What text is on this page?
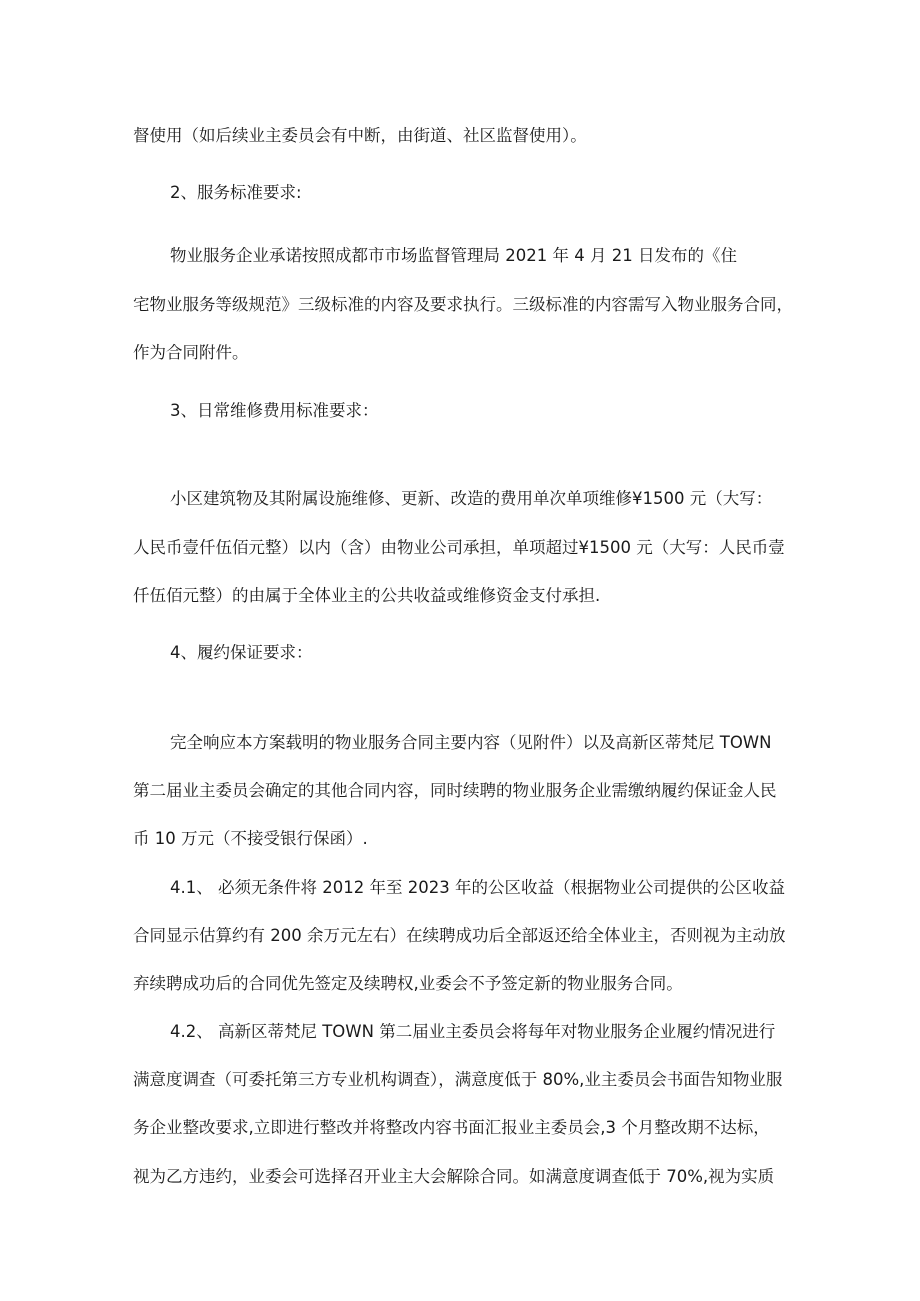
督使用（如后续业主委员会有中断，由街道、社区监督使用）。
2、服务标准要求:
物业服务企业承诺按照成都市市场监督管理局 2021 年 4 月 21 日发布的《住
宅物业服务等级规范》三级标准的内容及要求执行。三级标准的内容需写入物业服务合同，
作为合同附件。
3、日常维修费用标准要求：
小区建筑物及其附属设施维修、更新、改造的费用单次单项维修¥1500 元（大写：
人民币壹仟伍佰元整）以内（含）由物业公司承担，单项超过¥1500 元（大写：人民币壹
仟伍佰元整）的由属于全体业主的公共收益或维修资金支付承担.
4、履约保证要求：
完全响应本方案载明的物业服务合同主要内容（见附件）以及高新区蒂梵尼 TOWN
第二届业主委员会确定的其他合同内容，同时续聘的物业服务企业需缴纳履约保证金人民
币 10 万元（不接受银行保函）.
4.1、 必须无条件将 2012 年至 2023 年的公区收益（根据物业公司提供的公区收益
合同显示估算约有 200 余万元左右）在续聘成功后全部返还给全体业主，否则视为主动放
弃续聘成功后的合同优先签定及续聘权,业委会不予签定新的物业服务合同。
4.2、 高新区蒂梵尼 TOWN 第二届业主委员会将每年对物业服务企业履约情况进行
满意度调查（可委托第三方专业机构调查），满意度低于 80%,业主委员会书面告知物业服
务企业整改要求,立即进行整改并将整改内容书面汇报业主委员会,3 个月整改期不达标，
视为乙方违约，业委会可选择召开业主大会解除合同。如满意度调查低于 70%,视为实质
